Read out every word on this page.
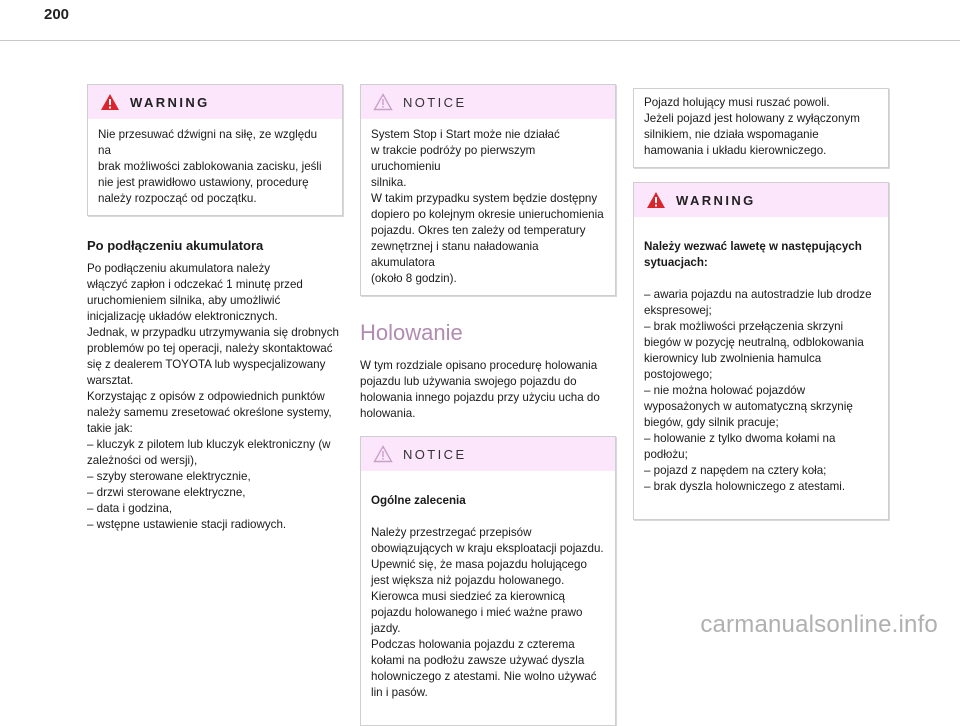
200
WARNING
Nie przesuwać dźwigni na siłę, ze względu na
brak możliwości zablokowania zacisku, jeśli
nie jest prawidłowo ustawiony, procedurę
należy rozpocząć od początku.
Po podłączeniu akumulatora
Po podłączeniu akumulatora należy
włączyć zapłon i odczekać 1 minutę przed
uruchomieniem silnika, aby umożliwić
inicjalizację układów elektronicznych.
Jednak, w przypadku utrzymywania się drobnych
problemów po tej operacji, należy skontaktować
się z dealerem TOYOTA lub wyspecjalizowany
warsztat.
Korzystając z opisów z odpowiednich punktów
należy samemu zresetować określone systemy,
takie jak:
– kluczyk z pilotem lub kluczyk elektroniczny (w
zależności od wersji),
– szyby sterowane elektrycznie,
– drzwi sterowane elektryczne,
– data i godzina,
– wstępne ustawienie stacji radiowych.
NOTICE
System Stop i Start może nie działać
w trakcie podróży po pierwszym uruchomieniu
silnika.
W takim przypadku system będzie dostępny
dopiero po kolejnym okresie unieruchomienia
pojazdu. Okres ten zależy od temperatury
zewnętrznej i stanu naładowania akumulatora
(około 8 godzin).
Holowanie
W tym rozdziale opisano procedurę holowania
pojazdu lub używania swojego pojazdu do
holowania innego pojazdu przy użyciu ucha do
holowania.
NOTICE

Ogólne zalecenia

Należy przestrzegać przepisów
obowiązujących w kraju eksploatacji pojazdu.
Upewnić się, że masa pojazdu holującego
jest większa niż pojazdu holowanego.
Kierowca musi siedzieć za kierownicą
pojazdu holowanego i mieć ważne prawo
jazdy.
Podczas holowania pojazdu z czterema
kołami na podłożu zawsze używać dyszla
holowniczego z atestami. Nie wolno używać
lin i pasów.

Pojazd holujący musi ruszać powoli.
Jeżeli pojazd jest holowany z wyłączonym
silnikiem, nie działa wspomaganie
hamowania i układu kierowniczego.
WARNING

Należy wezwać lawetę w następujących
sytuacjach:

– awaria pojazdu na autostradzie lub drodze
ekspresowej;
– brak możliwości przełączenia skrzyni
biegów w pozycję neutralną, odblokowania
kierownicy lub zwolnienia hamulca
postojowego;
– nie można holować pojazdów
wyposażonych w automatyczną skrzynię
biegów, gdy silnik pracuje;
– holowanie z tylko dwoma kołami na
podłożu;
– pojazd z napędem na cztery koła;
– brak dyszla holowniczego z atestami.

carmanualsonline.info
